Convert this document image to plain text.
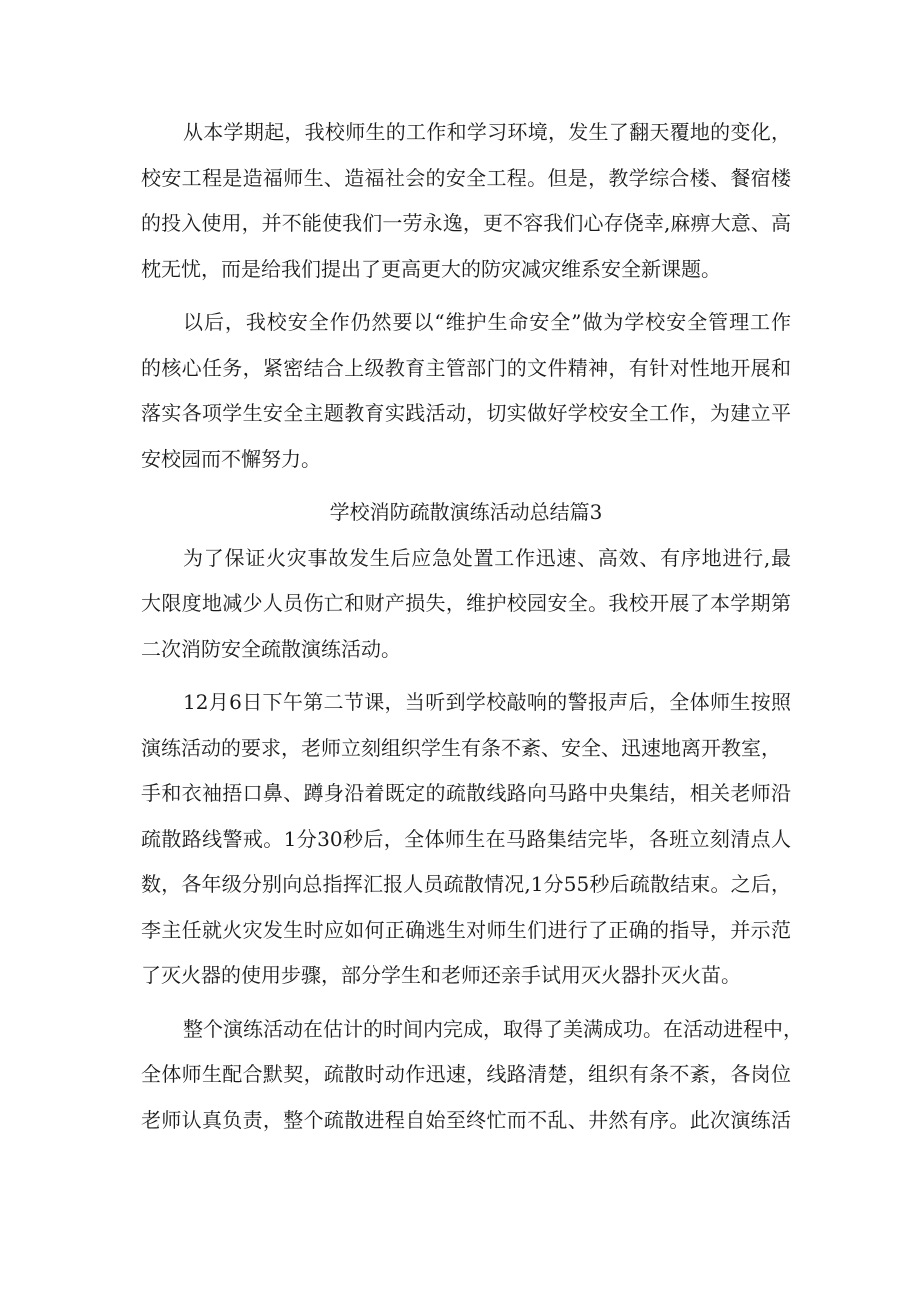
从本学期起，我校师生的工作和学习环境，发生了翻天覆地的变化，
校安工程是造福师生、造福社会的安全工程。但是，教学综合楼、餐宿楼
的投入使用，并不能使我们一劳永逸，更不容我们心存侥幸,麻痹大意、高
枕无忧，而是给我们提出了更高更大的防灾减灾维系安全新课题。

以后，我校安全作仍然要以“维护生命安全”做为学校安全管理工作
的核心任务，紧密结合上级教育主管部门的文件精神，有针对性地开展和
落实各项学生安全主题教育实践活动，切实做好学校安全工作，为建立平
安校园而不懈努力。

学校消防疏散演练活动总结篇3

为了保证火灾事故发生后应急处置工作迅速、高效、有序地进行,最
大限度地减少人员伤亡和财产损失，维护校园安全。我校开展了本学期第
二次消防安全疏散演练活动。

12月6日下午第二节课，当听到学校敲响的警报声后，全体师生按照
演练活动的要求，老师立刻组织学生有条不紊、安全、迅速地离开教室，
手和衣袖捂口鼻、蹲身沿着既定的疏散线路向马路中央集结，相关老师沿
疏散路线警戒。1分30秒后，全体师生在马路集结完毕，各班立刻清点人
数，各年级分别向总指挥汇报人员疏散情况,1分55秒后疏散结束。之后，
李主任就火灾发生时应如何正确逃生对师生们进行了正确的指导，并示范
了灭火器的使用步骤，部分学生和老师还亲手试用灭火器扑灭火苗。

整个演练活动在估计的时间内完成，取得了美满成功。在活动进程中，
全体师生配合默契，疏散时动作迅速，线路清楚，组织有条不紊，各岗位
老师认真负责，整个疏散进程自始至终忙而不乱、井然有序。此次演练活
